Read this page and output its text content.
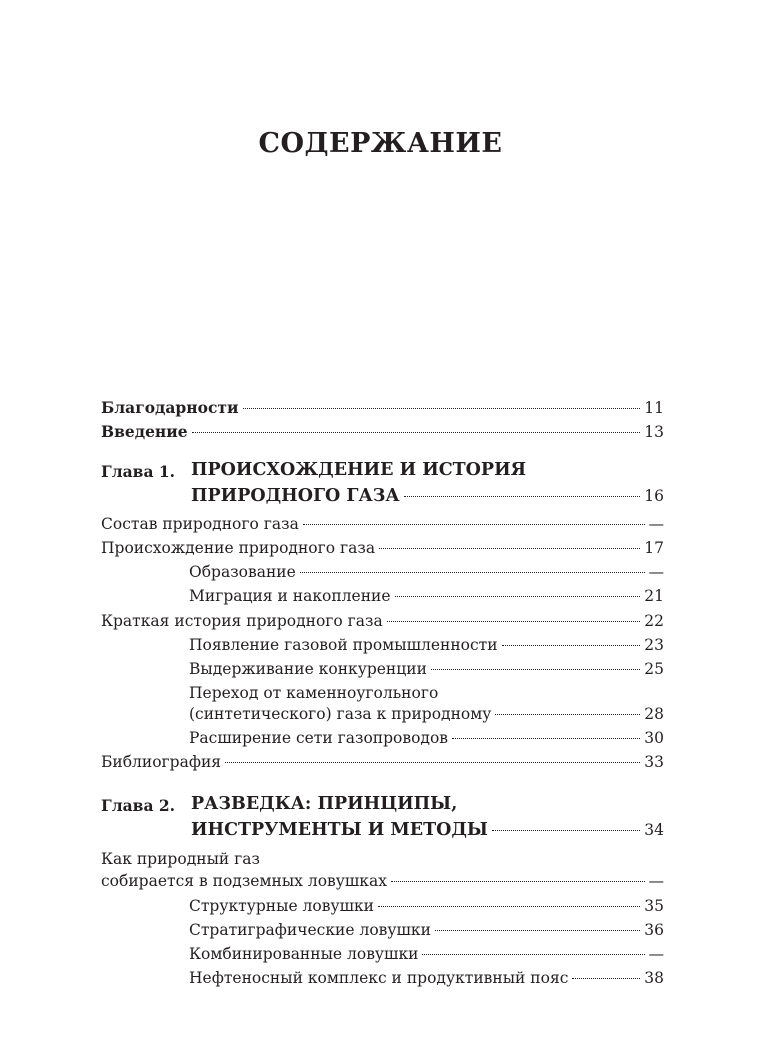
СОДЕРЖАНИЕ
Благодарности	11
Введение	13
Глава 1. ПРОИСХОЖДЕНИЕ И ИСТОРИЯ
ПРИРОДНОГО ГАЗА	16
Состав природного газа	—
Происхождение природного газа	17
Образование	—
Миграция и накопление	21
Краткая история природного газа	22
Появление газовой промышленности	23
Выдерживание конкуренции	25
Переход от каменноугольного
(синтетического) газа к природному	28
Расширение сети газопроводов	30
Библиография	33
Глава 2. РАЗВЕДКА: ПРИНЦИПЫ,
ИНСТРУМЕНТЫ И МЕТОДЫ	34
Как природный газ
собирается в подземных ловушках	—
Структурные ловушки	35
Стратиграфические ловушки	36
Комбинированные ловушки	—
Нефтеносный комплекс и продуктивный пояс	38
